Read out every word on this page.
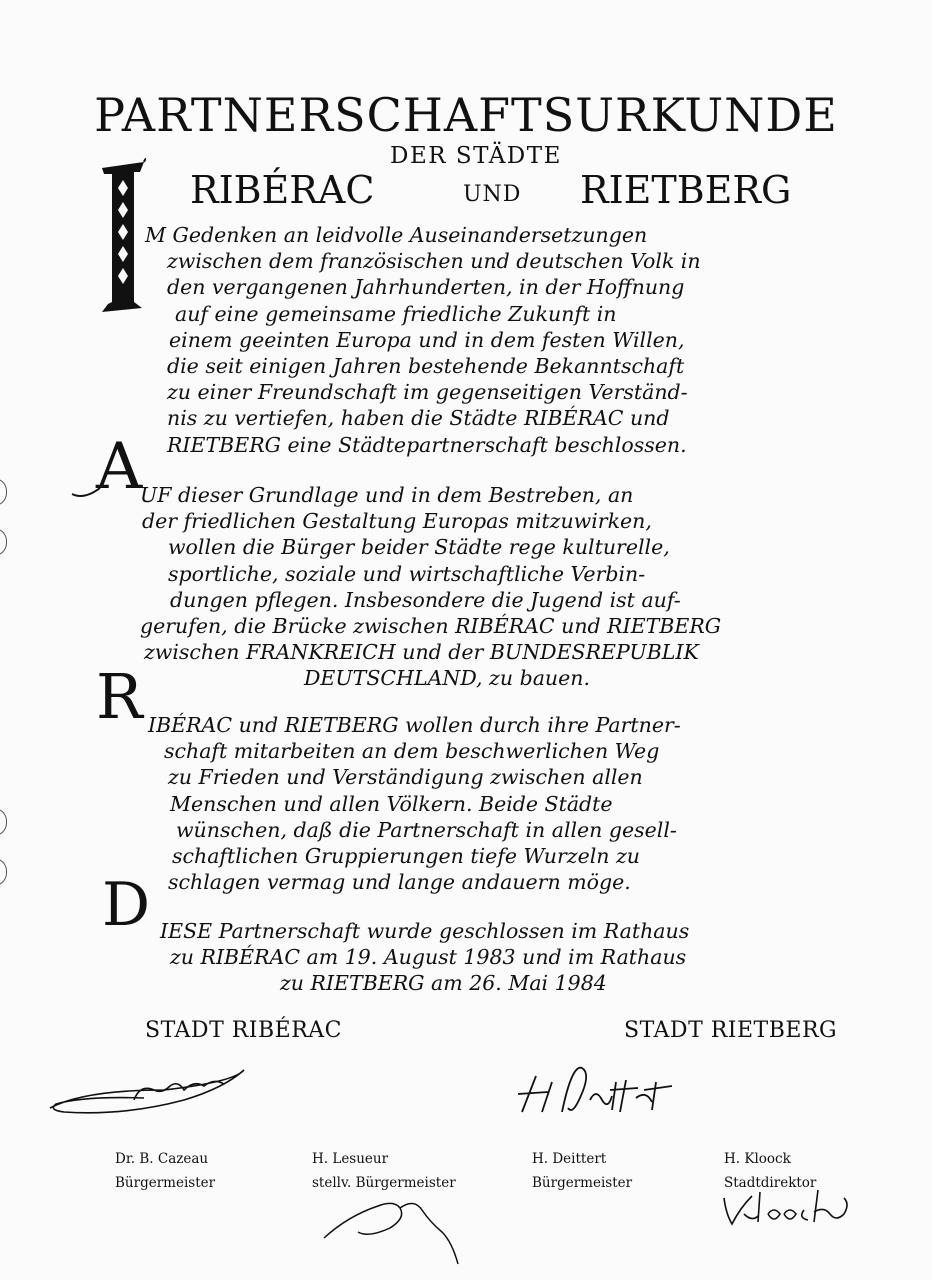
PARTNERSCHAFTSURKUNDE
DER STÄDTE
RIBÉRAC	UND RIETBERG
M Gedenken an leidvolle Auseinandersetzungen
zwischen dem französischen und deutschen Volk in
den vergangenen Jahrhunderten, in der Hoffnung
auf eine gemeinsame friedliche Zukunft in
einem geeinten Europa und in dem festen Willen,
die seit einigen Jahren bestehende Bekanntschaft
zu einer Freundschaft im gegenseitigen Verständ-
nis zu vertiefen, haben die Städte RIBÉRAC und
RIETBERG eine Städtepartnerschaft beschlossen.
A
UF dieser Grundlage und in dem Bestreben, an
der friedlichen Gestaltung Europas mitzuwirken,
wollen die Bürger beider Städte rege kulturelle,
sportliche, soziale und wirtschaftliche Verbin-
dungen pflegen. Insbesondere die Jugend ist auf-
gerufen, die Brücke zwischen RIBÉRAC und RIETBERG
zwischen FRANKREICH und der BUNDESREPUBLIK
DEUTSCHLAND, zu bauen.
R IBÉRAC und RIETBERG wollen durch ihre Partner-
schaft mitarbeiten an dem beschwerlichen Weg
zu Frieden und Verständigung zwischen allen
Menschen und allen Völkern. Beide Städte
wünschen, daß die Partnerschaft in allen gesell-
schaftlichen Gruppierungen tiefe Wurzeln zu
schlagen vermag und lange andauern möge.
D IESE Partnerschaft wurde geschlossen im Rathaus
zu RIBÉRAC am 19. August 1983 und im Rathaus
zu RIETBERG am 26. Mai 1984
STADT RIBÉRAC	STADT RIETBERG
Dr. B. Cazeau
Bürgermeister
H. Lesueur
stellv. Bürgermeister
H. Deittert
Bürgermeister
H. Kloock
Stadtdirektor
